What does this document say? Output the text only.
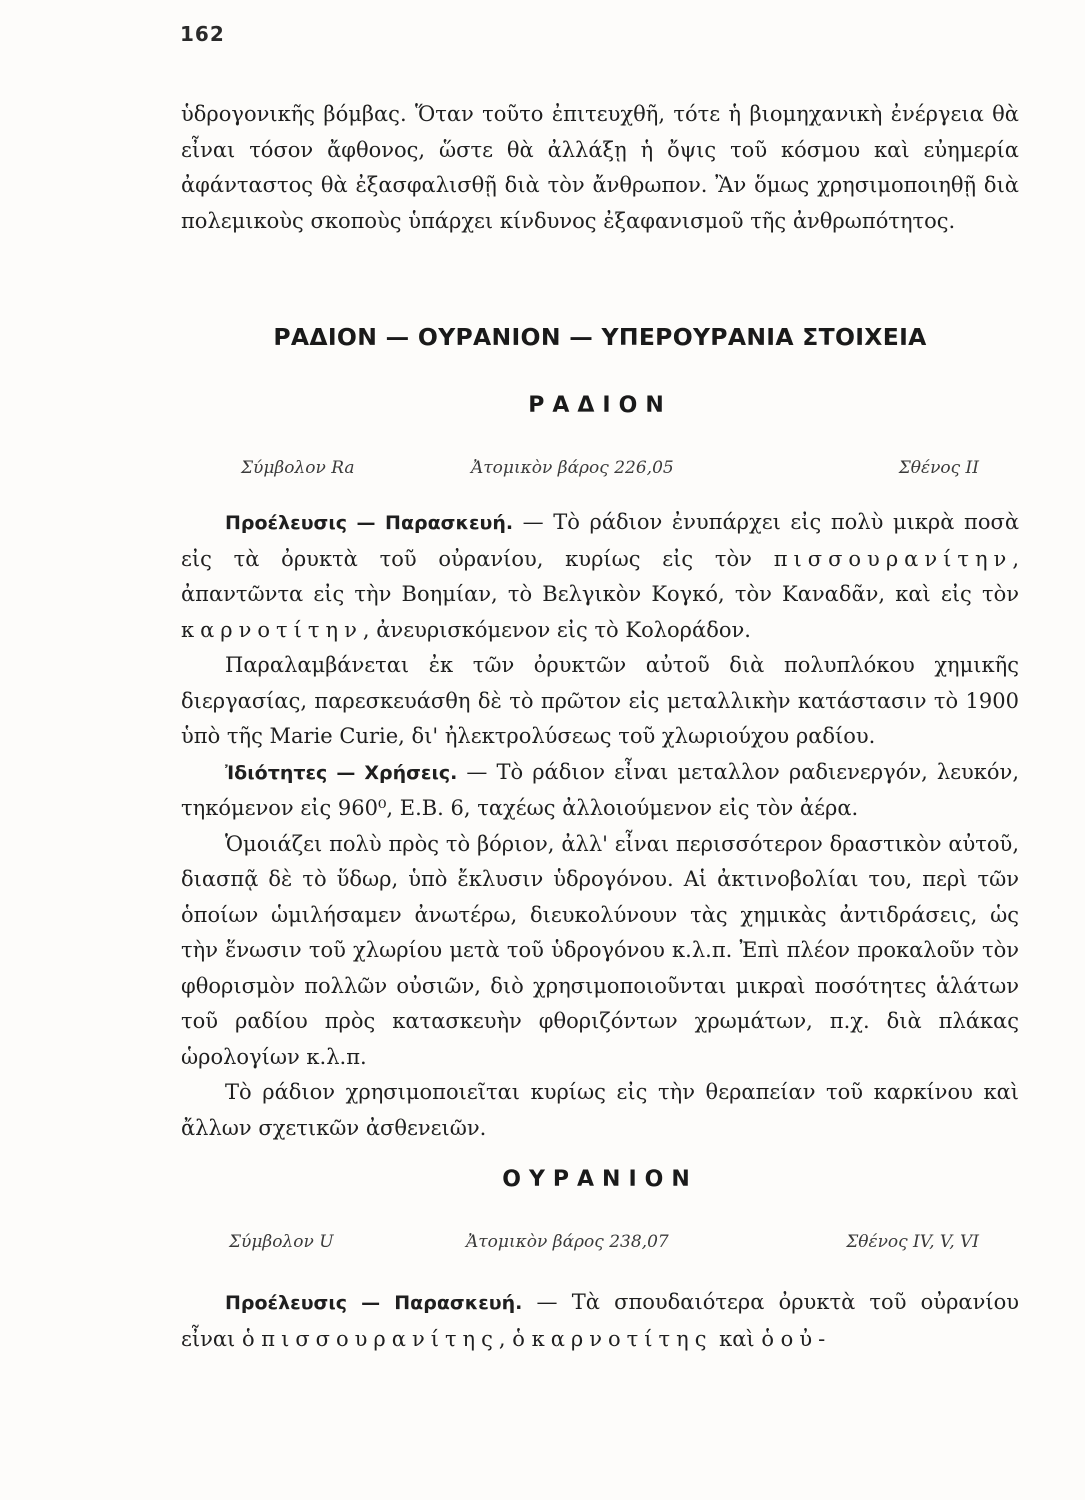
162

ὑδρογονικῆς βόμβας. Ὅταν τοῦτο ἐπιτευχθῆ, τότε ἡ βιομηχανικὴ ἐνέργεια θὰ εἶναι τόσον ἄφθονος, ὥστε θὰ ἀλλάξῃ ἡ ὄψις τοῦ κόσμου καὶ εὐημερία ἀφάνταστος θὰ ἐξασφαλισθῇ διὰ τὸν ἄνθρωπον. Ἂν ὅμως χρησιμοποιηθῇ διὰ πολεμικοὺς σκοποὺς ὑπάρχει κίνδυνος ἐξαφανισμοῦ τῆς ἀνθρωπότητος.

ΡΑΔΙΟΝ — ΟΥΡΑΝΙΟΝ — ΥΠΕΡΟΥΡΑΝΙΑ ΣΤΟΙΧΕΙΑ
ΡΑΔΙΟΝ
Σύμβολον Ra	Ἀτομικὸν βάρος 226,05	Σθένος II

Προέλευσις — Παρασκευή. — Τὸ ράδιον ἐνυπάρχει εἰς πολὺ μικρὰ ποσὰ εἰς τὰ ὀρυκτὰ τοῦ οὐρανίου, κυρίως εἰς τὸν πισσουρανίτην, ἀπαντῶντα εἰς τὴν Βοημίαν, τὸ Βελγικὸν Κογκό, τὸν Καναδᾶν, καὶ εἰς τὸν καρνοτίτην, ἀνευρισκόμενον εἰς τὸ Κολοράδον.

Παραλαμβάνεται ἐκ τῶν ὀρυκτῶν αὐτοῦ διὰ πολυπλόκου χημικῆς διεργασίας, παρεσκευάσθη δὲ τὸ πρῶτον εἰς μεταλλικὴν κατάστασιν τὸ 1900 ὑπὸ τῆς Marie Curie, δι' ἠλεκτρολύσεως τοῦ χλωριούχου ραδίου.

Ἰδιότητες — Χρήσεις. — Τὸ ράδιον εἶναι μεταλλον ραδιενεργόν, λευκόν, τηκόμενον εἰς 960⁰, Ε.Β. 6, ταχέως ἀλλοιούμενον εἰς τὸν ἀέρα.

Ὁμοιάζει πολὺ πρὸς τὸ βόριον, ἀλλ' εἶναι περισσότερον δραστικὸν αὐτοῦ, διασπᾷ δὲ τὸ ὕδωρ, ὑπὸ ἔκλυσιν ὑδρογόνου. Αἱ ἀκτινοβολίαι του, περὶ τῶν ὁποίων ὡμιλήσαμεν ἀνωτέρω, διευκολύνουν τὰς χημικὰς ἀντιδράσεις, ὡς τὴν ἕνωσιν τοῦ χλωρίου μετὰ τοῦ ὑδρογόνου κ.λ.π. Ἐπὶ πλέον προκαλοῦν τὸν φθορισμὸν πολλῶν οὐσιῶν, διὸ χρησιμοποιοῦνται μικραὶ ποσότητες ἁλάτων τοῦ ραδίου πρὸς κατασκευὴν φθοριζόντων χρωμάτων, π.χ. διὰ πλάκας ὡρολογίων κ.λ.π.

Τὸ ράδιον χρησιμοποιεῖται κυρίως εἰς τὴν θεραπείαν τοῦ καρκίνου καὶ ἄλλων σχετικῶν ἀσθενειῶν.

ΟΥΡΑΝΙΟΝ
Σύμβολον U	Ἀτομικὸν βάρος 238,07	Σθένος IV, V, VI

Προέλευσις — Παρασκευή. — Τὰ σπουδαιότερα ὀρυκτὰ τοῦ οὐρανίου εἶναι ὁ πισσουρανίτης, ὁ καρνοτίτης καὶ ὁ οὐ-
